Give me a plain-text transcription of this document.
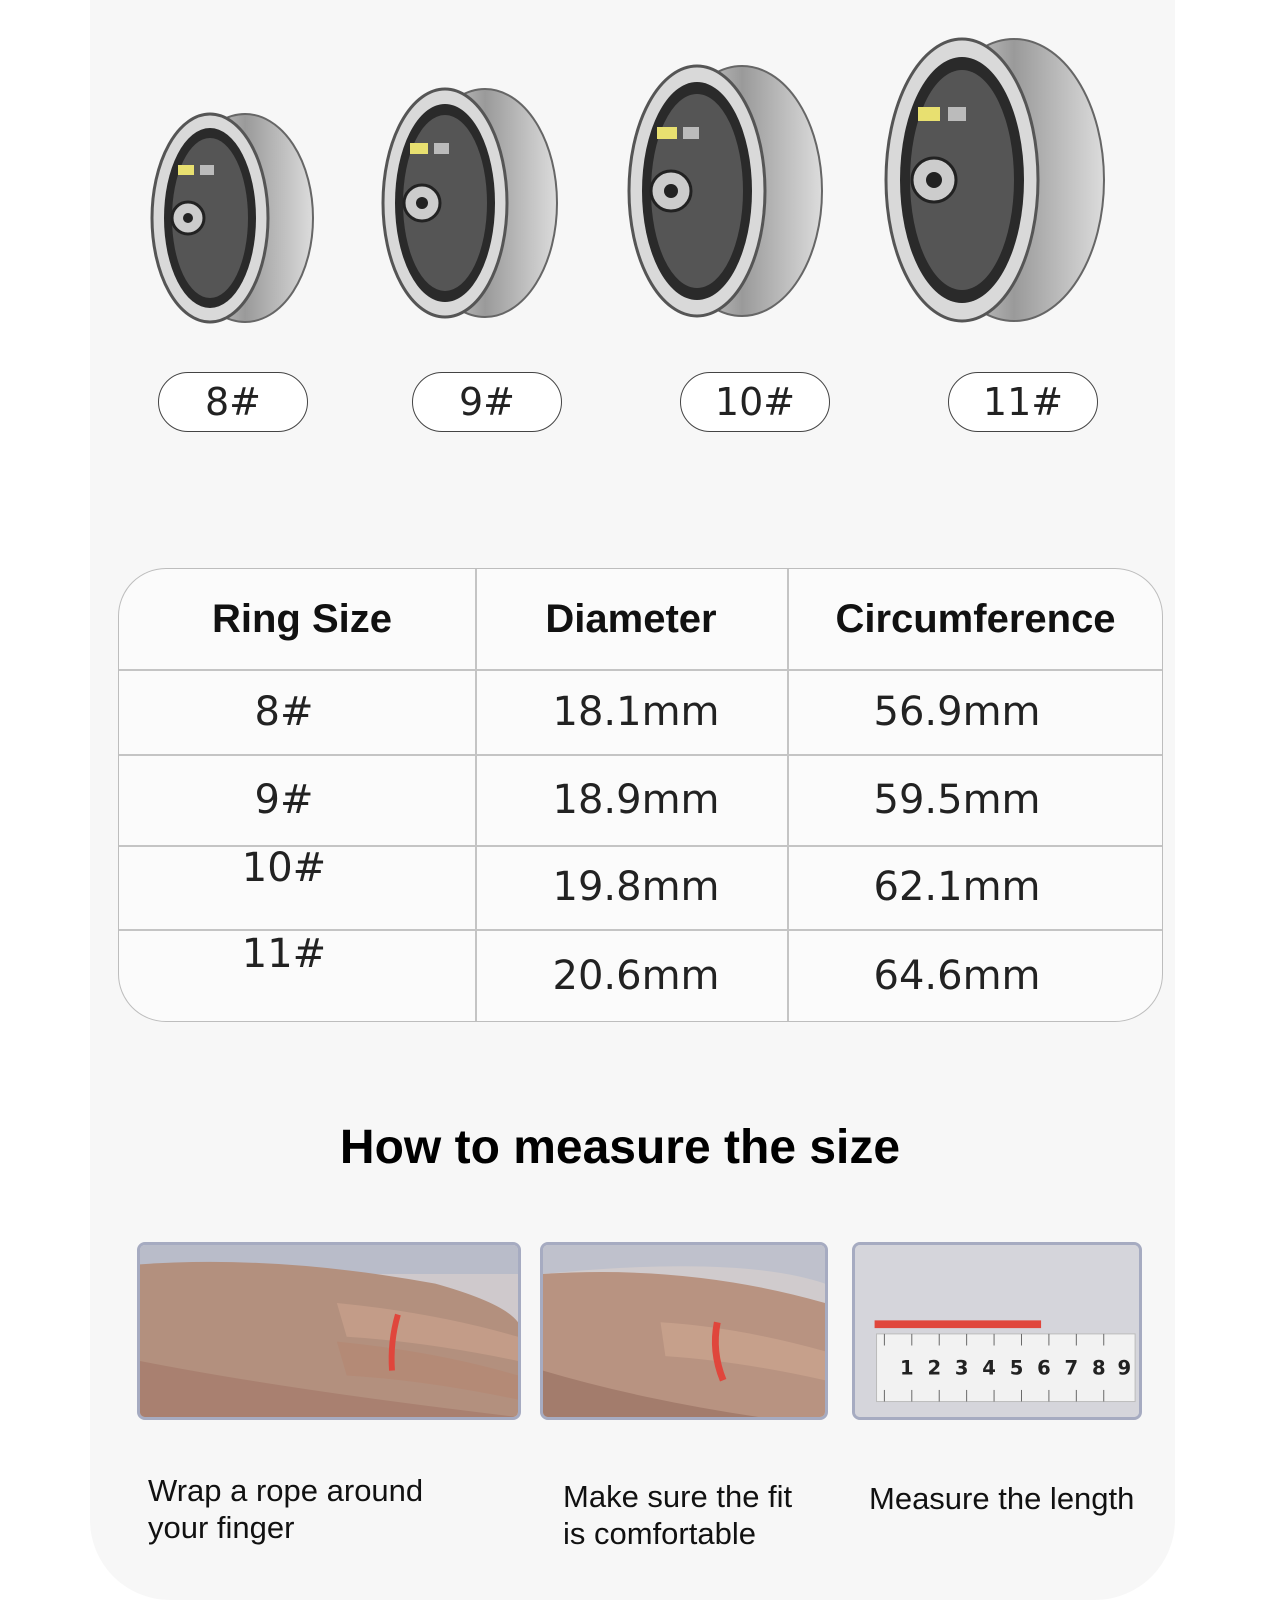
8#	9#	10#	11#
Ring Size	Diameter	Circumference
8#	18.1mm	56.9mm
9#	18.9mm	59.5mm
10#	19.8mm	62.1mm
11#	20.6mm	64.6mm
How to measure the size
1 2 3 4 5 6 7 8 9
Wrap a rope around
your finger
Make sure the fit
is comfortable
Measure the length
